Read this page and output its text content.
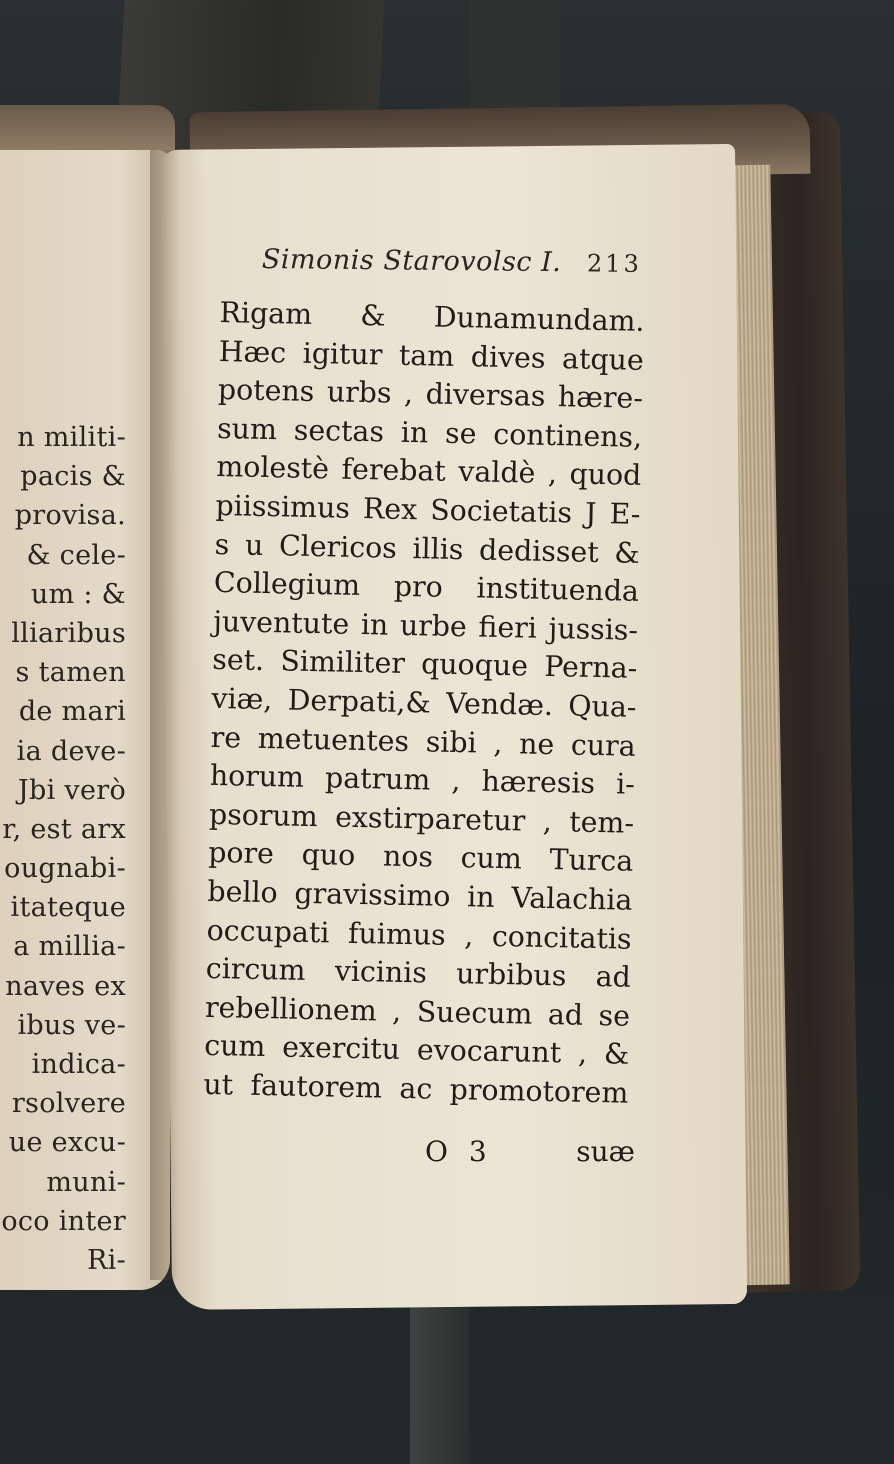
n militi-
pacis &
provisa.
& cele-
um : &
lliaribus
s tamen
de mari
ia deve-
Jbi verò
r, est arx
ougnabi-
itateque
a millia-
naves ex
ibus ve-
indica-
rsolvere
ue excu-
muni-
oco inter
Ri-
Simonis Starovolsc I. 213
Rigam & Dunamundam.
Hæc igitur tam dives atque
potens urbs , diversas hære-
sum sectas in se continens,
molestè ferebat valdè , quod
piissimus Rex Societatis J E-
s u Clericos illis dedisset &
Collegium pro instituenda
juventute in urbe fieri jussis-
set. Similiter quoque Perna-
viæ, Derpati,& Vendæ. Qua-
re metuentes sibi , ne cura
horum patrum , hæresis i-
psorum exstirparetur , tem-
pore quo nos cum Turca
bello gravissimo in Valachia
occupati fuimus , concitatis
circum vicinis urbibus ad
rebellionem , Suecum ad se
cum exercitu evocarunt , &
ut fautorem ac promotorem
O 3	suæ
